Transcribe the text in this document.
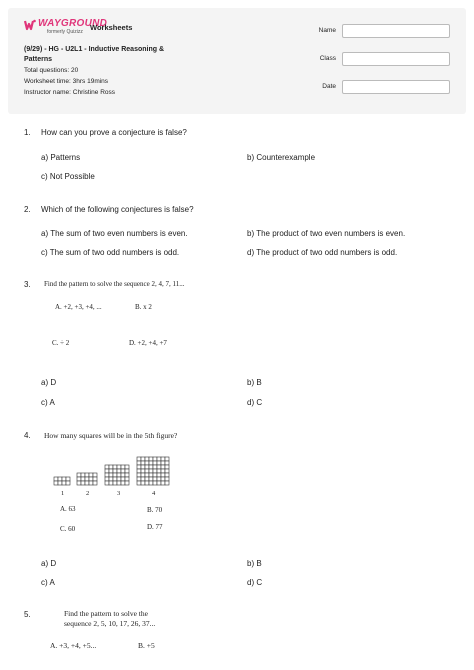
WAYGROUND
formerly Quizizz Worksheets
(9/29) - HG - U2L1 - Inductive Reasoning & Patterns
Total questions: 20
Worksheet time: 3hrs 19mins
Instructor name: Christine Ross
Name
Class
Date
1. How can you prove a conjecture is false?
a) Patterns	b) Counterexample
c) Not Possible
2. Which of the following conjectures is false?
a) The sum of two even numbers is even.	b) The product of two even numbers is even.
c) The sum of two odd numbers is odd.	d) The product of two odd numbers is odd.
3. Find the pattern to solve the sequence 2, 4, 7, 11...
A. +2, +3, +4, ...	B. x 2
C. ÷ 2	D. +2, +4, +7
a) D	b) B
c) A	d) C
4. How many squares will be in the 5th figure?
1	2	3	4
A. 63	B. 70
C. 60	D. 77
a) D	b) B
c) A	d) C
5.	Find the pattern to solve the
sequence 2, 5, 10, 17, 26, 37...
A. +3, +4, +5...	B. +5
